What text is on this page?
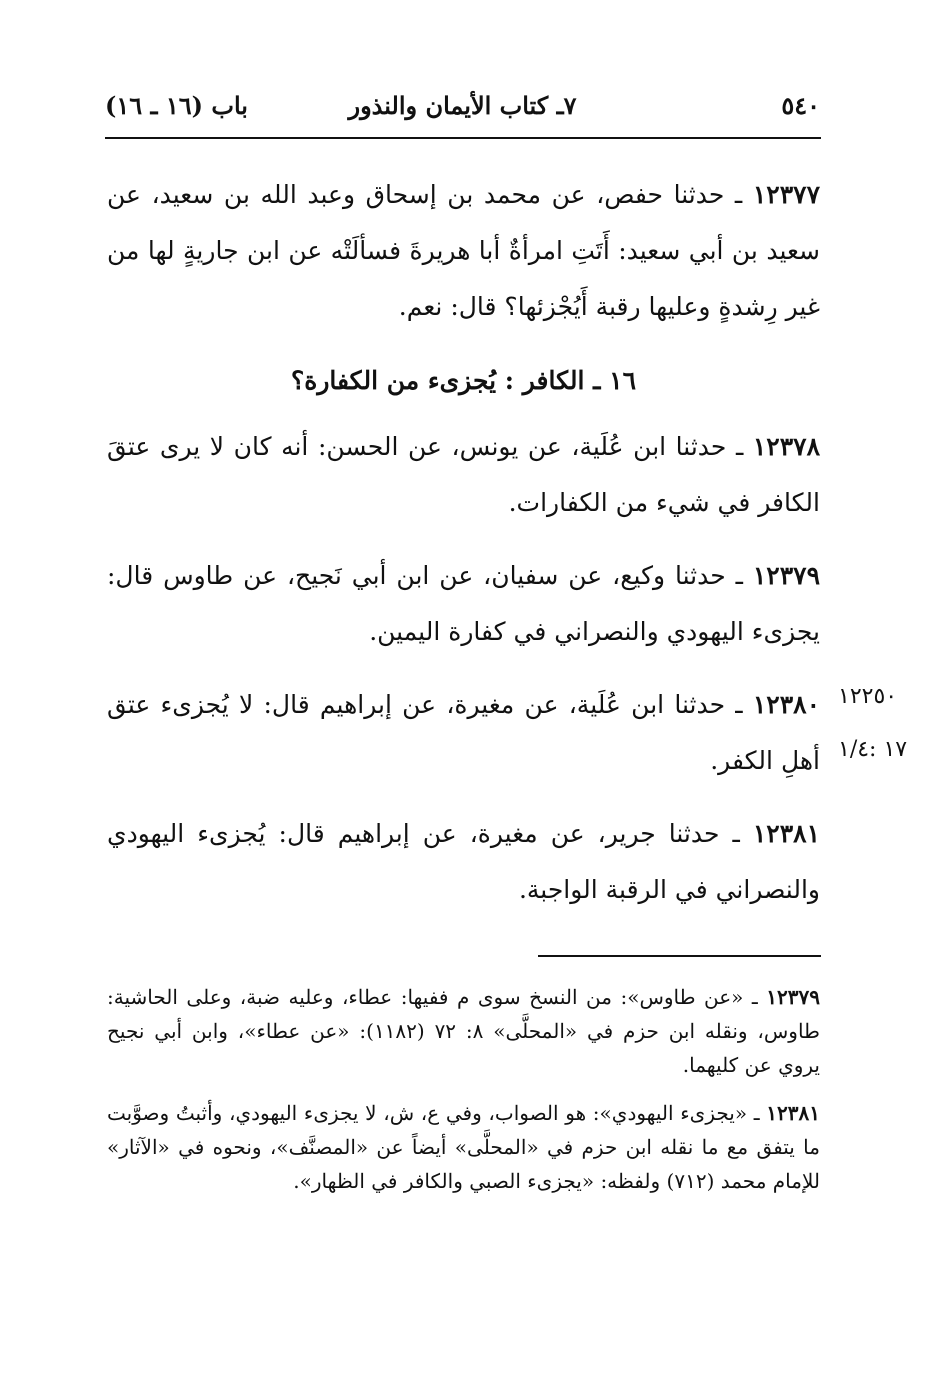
٥٤٠
٧ـ كتاب الأيمان والنذور
باب (١٦ ـ ١٦)

١٢٣٧٧ ـ حدثنا حفص، عن محمد بن إسحاق وعبد الله بن سعيد، عن سعيد بن أبي سعيد: أَتَتِ امرأةٌ أبا هريرةَ فسألَتْه عن ابن جاريةٍ لها من غير رِشدةٍ وعليها رقبة أَيُجْزئها؟ قال: نعم.

١٦ ـ الكافر : يُجزىء من الكفارة؟

١٢٣٧٨ ـ حدثنا ابن عُلَية، عن يونس، عن الحسن: أنه كان لا يرى عتقَ الكافر في شيء من الكفارات.

١٢٣٧٩ ـ حدثنا وكيع، عن سفيان، عن ابن أبي نَجيح، عن طاوس قال: يجزىء اليهودي والنصراني في كفارة اليمين.

١٢٣٨٠ ـ حدثنا ابن عُلَية، عن مغيرة، عن إبراهيم قال: لا يُجزىء عتق أهلِ الكفر.

١٢٣٨١ ـ حدثنا جرير، عن مغيرة، عن إبراهيم قال: يُجزىء اليهودي والنصراني في الرقبة الواجبة.

١٢٢٥٠
١٧ :١/٤

١٢٣٧٩ ـ «عن طاوس»: من النسخ سوى م ففيها: عطاء، وعليه ضبة، وعلى الحاشية: طاوس، ونقله ابن حزم في «المحلَّى» ٨: ٧٢ (١١٨٢): «عن عطاء»، وابن أبي نجيح يروي عن كليهما.

١٢٣٨١ ـ «يجزىء اليهودي»: هو الصواب، وفي ع، ش، لا يجزىء اليهودي، وأثبتُ وصوَّبت ما يتفق مع ما نقله ابن حزم في «المحلَّى» أيضاً عن «المصنَّف»، ونحوه في «الآثار» للإمام محمد (٧١٢) ولفظه: «يجزىء الصبي والكافر في الظهار».
